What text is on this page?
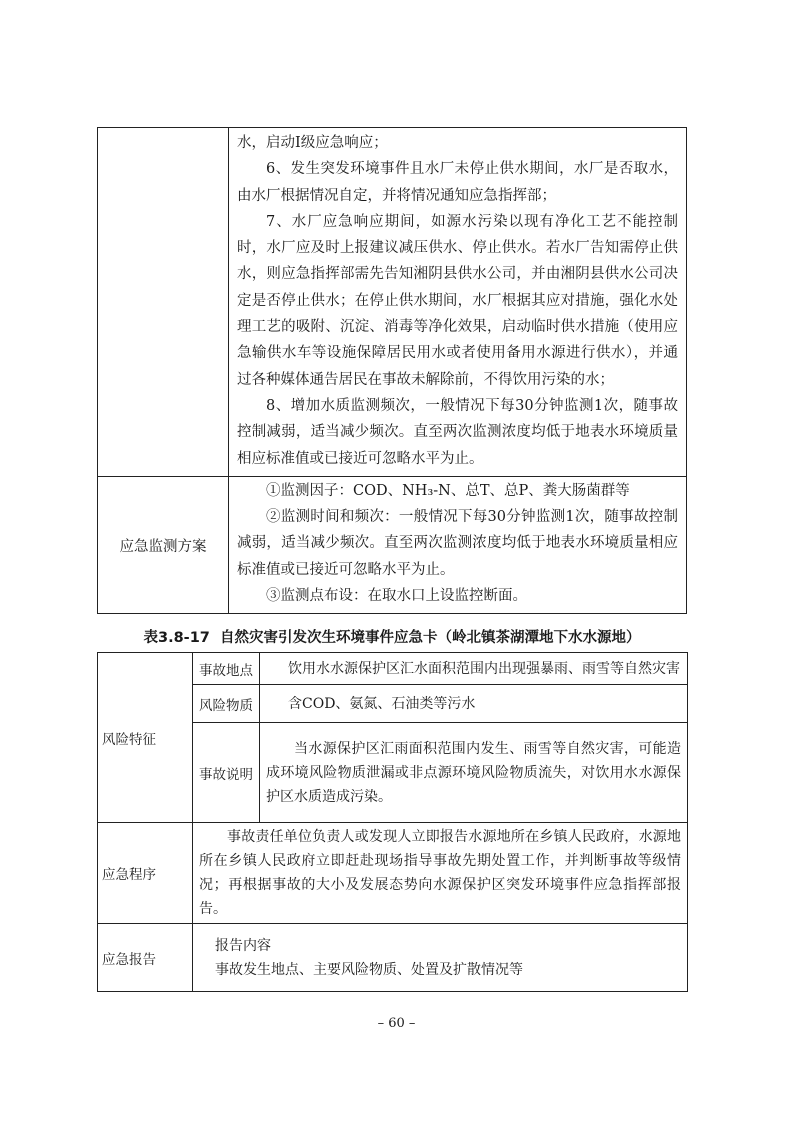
	水，启动Ⅰ级应急响应；

6、发生突发环境事件且水厂未停止供水期间，水厂是否取水，由水厂根据情况自定，并将情况通知应急指挥部；

7、水厂应急响应期间，如源水污染以现有净化工艺不能控制时，水厂应及时上报建议减压供水、停止供水。若水厂告知需停止供水，则应急指挥部需先告知湘阴县供水公司，并由湘阴县供水公司决定是否停止供水；在停止供水期间，水厂根据其应对措施，强化水处理工艺的吸附、沉淀、消毒等净化效果，启动临时供水措施（使用应急输供水车等设施保障居民用水或者使用备用水源进行供水），并通过各种媒体通告居民在事故未解除前，不得饮用污染的水；

8、增加水质监测频次，一般情况下每30分钟监测1次，随事故控制减弱，适当减少频次。直至两次监测浓度均低于地表水环境质量相应标准值或已接近可忽略水平为止。

应急监测方案	①监测因子：COD、NH₃-N、总T、总P、粪大肠菌群等

②监测时间和频次：一般情况下每30分钟监测1次，随事故控制减弱，适当减少频次。直至两次监测浓度均低于地表水环境质量相应标准值或已接近可忽略水平为止。

③监测点布设：在取水口上设监控断面。

表3.8-17 自然灾害引发次生环境事件应急卡（岭北镇茶湖潭地下水水源地）
风险特征	事故地点	饮用水水源保护区汇水面积范围内出现强暴雨、雨雪等自然灾害
	风险物质	含COD、氨氮、石油类等污水
	事故说明	当水源保护区汇雨面积范围内发生、雨雪等自然灾害，可能造成环境风险物质泄漏或非点源环境风险物质流失，对饮用水水源保护区水质造成污染。

应急程序	事故责任单位负责人或发现人立即报告水源地所在乡镇人民政府，水源地所在乡镇人民政府立即赶赴现场指导事故先期处置工作，并判断事故等级情况；再根据事故的大小及发展态势向水源保护区突发环境事件应急指挥部报告。	

应急报告	报告内容

事故发生地点、主要风险物质、处置及扩散情况等	

– 60 –
